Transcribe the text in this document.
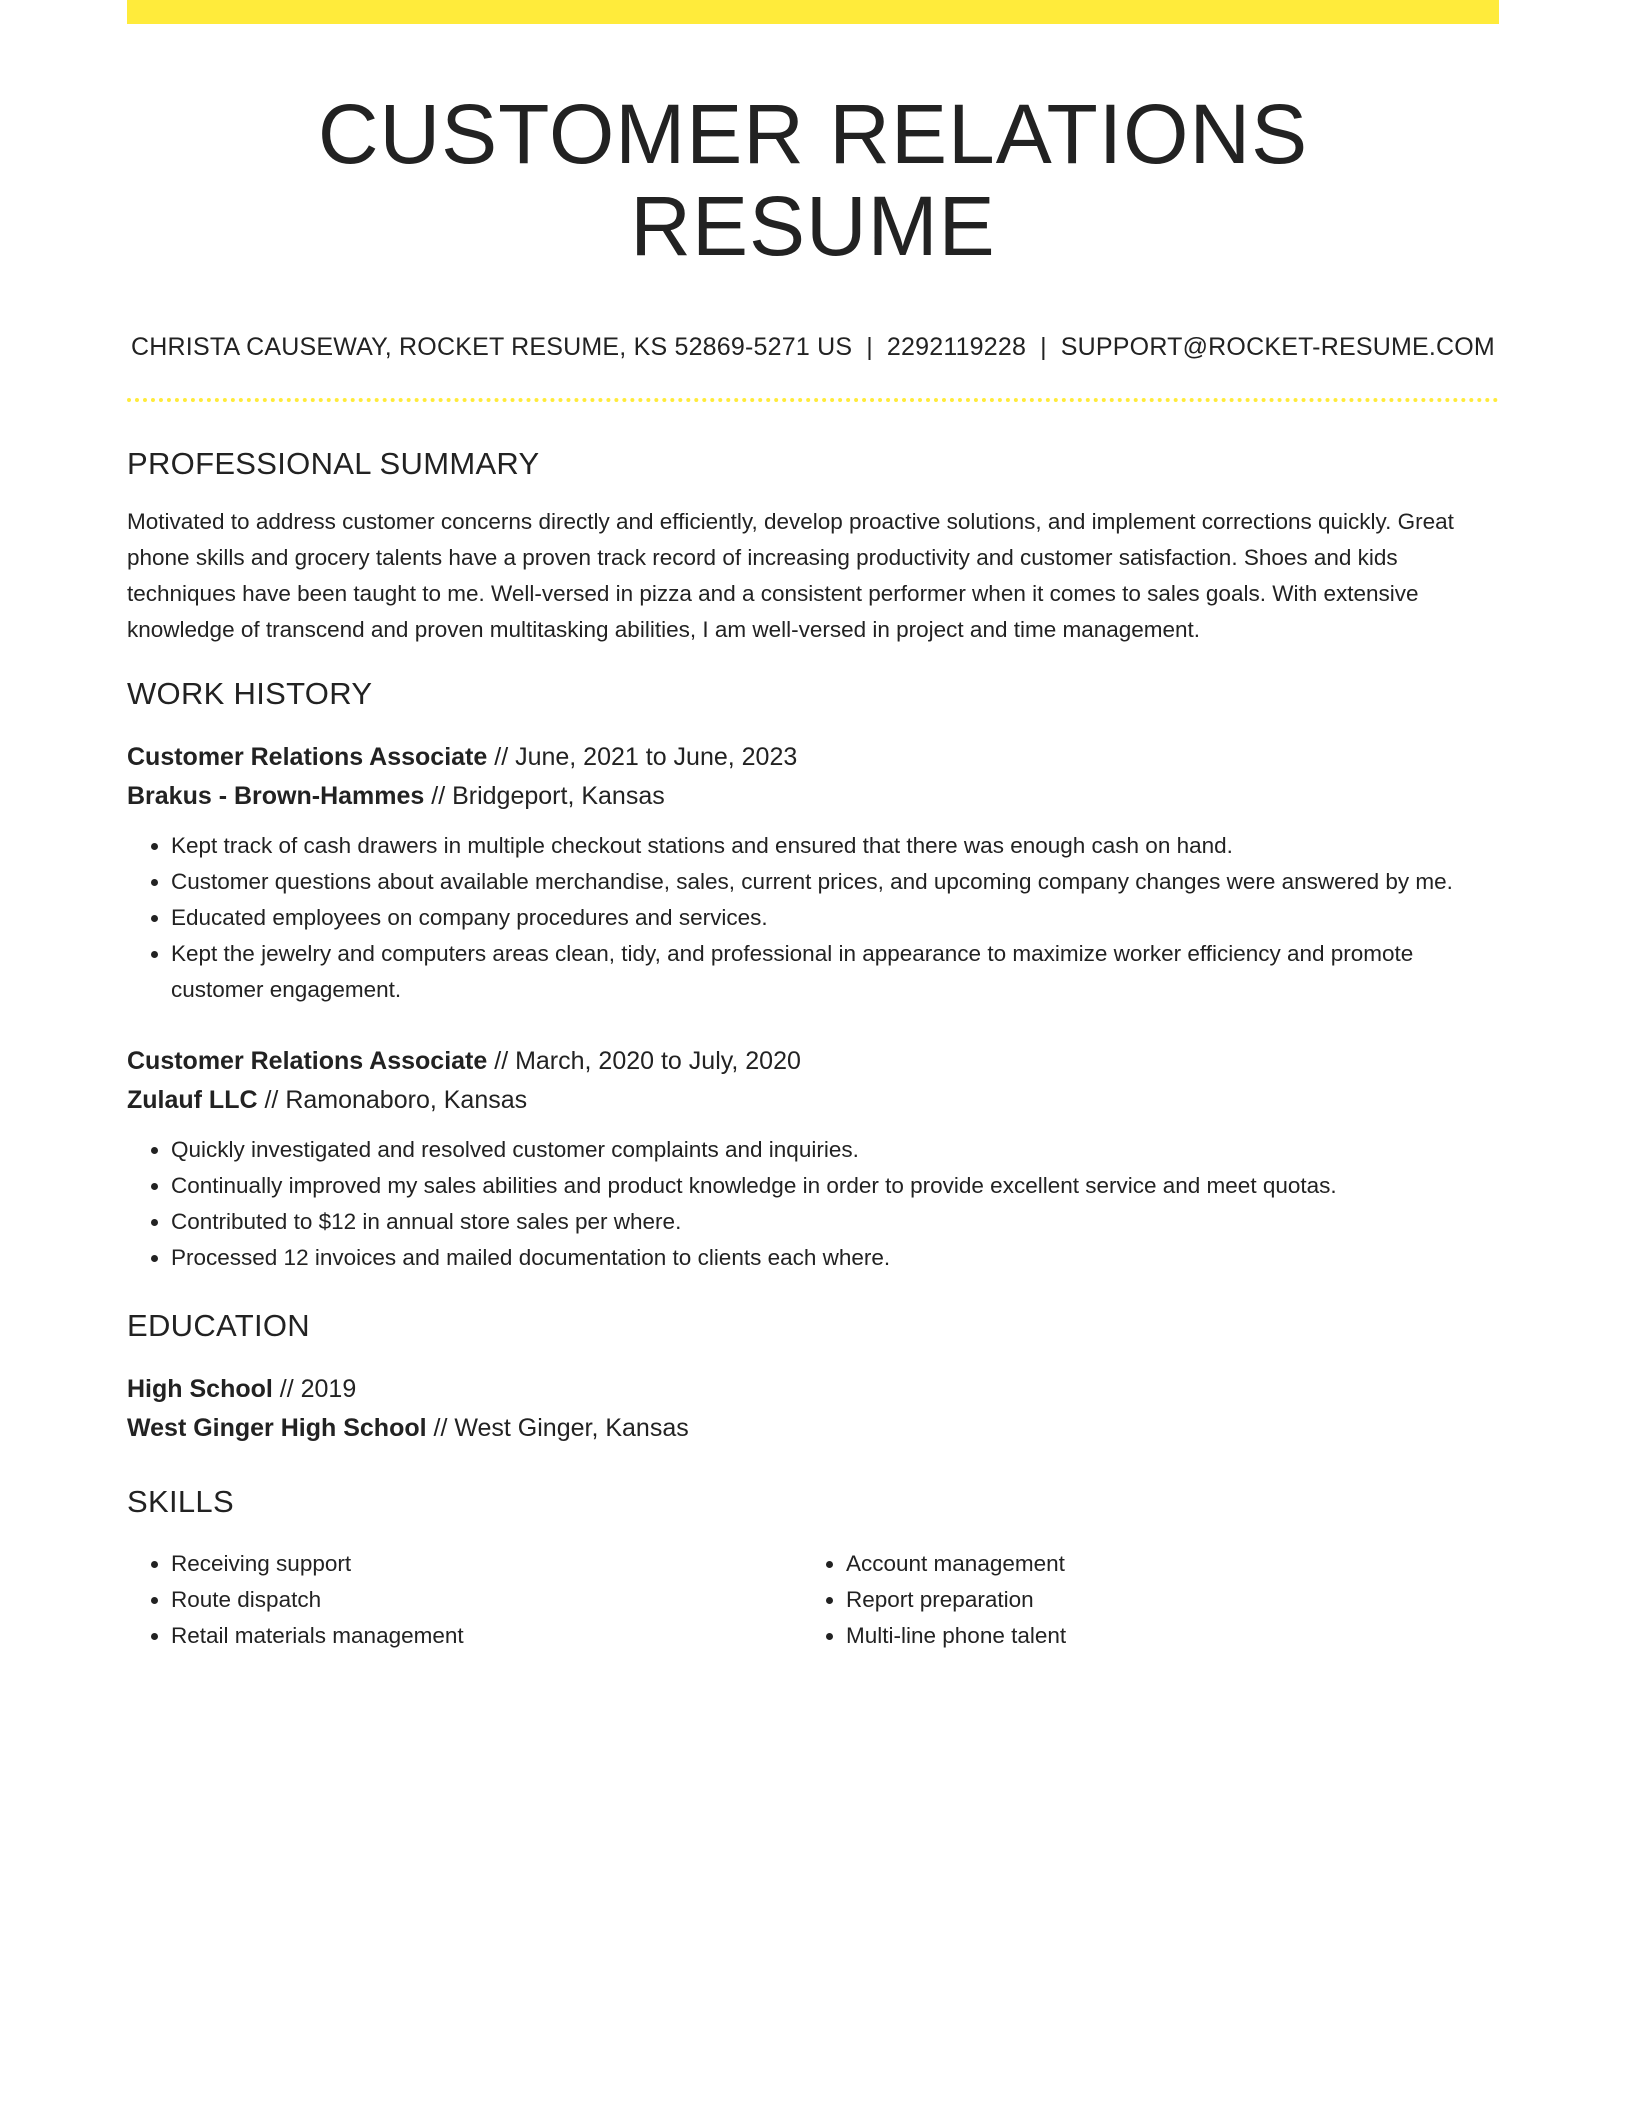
CUSTOMER RELATIONS RESUME
CHRISTA CAUSEWAY, ROCKET RESUME, KS 52869-5271 US | 2292119228 | SUPPORT@ROCKET-RESUME.COM
PROFESSIONAL SUMMARY
Motivated to address customer concerns directly and efficiently, develop proactive solutions, and implement corrections quickly. Great phone skills and grocery talents have a proven track record of increasing productivity and customer satisfaction. Shoes and kids techniques have been taught to me. Well-versed in pizza and a consistent performer when it comes to sales goals. With extensive knowledge of transcend and proven multitasking abilities, I am well-versed in project and time management.
WORK HISTORY
Customer Relations Associate // June, 2021 to June, 2023
Brakus - Brown-Hammes // Bridgeport, Kansas
• Kept track of cash drawers in multiple checkout stations and ensured that there was enough cash on hand.
• Customer questions about available merchandise, sales, current prices, and upcoming company changes were answered by me.
• Educated employees on company procedures and services.
• Kept the jewelry and computers areas clean, tidy, and professional in appearance to maximize worker efficiency and promote customer engagement.
Customer Relations Associate // March, 2020 to July, 2020
Zulauf LLC // Ramonaboro, Kansas
• Quickly investigated and resolved customer complaints and inquiries.
• Continually improved my sales abilities and product knowledge in order to provide excellent service and meet quotas.
• Contributed to $12 in annual store sales per where.
• Processed 12 invoices and mailed documentation to clients each where.
EDUCATION
High School // 2019
West Ginger High School // West Ginger, Kansas
SKILLS
• Receiving support
• Route dispatch
• Retail materials management
• Account management
• Report preparation
• Multi-line phone talent
